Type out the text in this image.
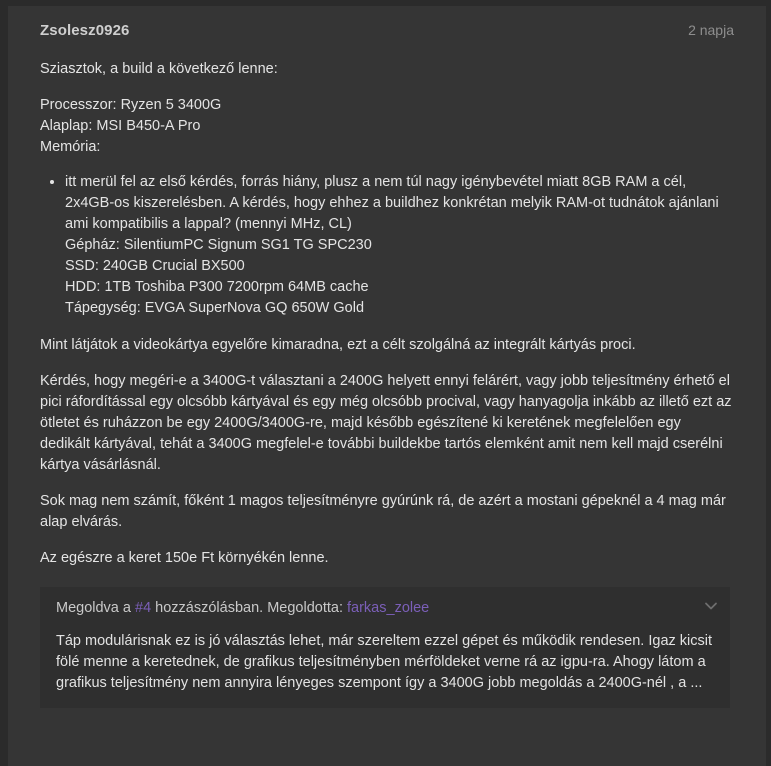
Zsolesz0926	2 napja

Sziasztok, a build a következő lenne:

Processzor: Ryzen 5 3400G
Alaplap: MSI B450-A Pro
Memória:

• itt merül fel az első kérdés, forrás hiány, plusz a nem túl nagy igénybevétel miatt 8GB RAM a cél, 2x4GB-os kiszerelésben. A kérdés, hogy ehhez a buildhez konkrétan melyik RAM-ot tudnátok ajánlani ami kompatibilis a lappal? (mennyi MHz, CL)
Gépház: SilentiumPC Signum SG1 TG SPC230
SSD: 240GB Crucial BX500
HDD: 1TB Toshiba P300 7200rpm 64MB cache
Tápegység: EVGA SuperNova GQ 650W Gold

Mint látjátok a videokártya egyelőre kimaradna, ezt a célt szolgálná az integrált kártyás proci.

Kérdés, hogy megéri-e a 3400G-t választani a 2400G helyett ennyi felárért, vagy jobb teljesítmény érhető el pici ráfordítással egy olcsóbb kártyával és egy még olcsóbb procival, vagy hanyagolja inkább az illető ezt az ötletet és ruházzon be egy 2400G/3400G-re, majd később egészítené ki keretének megfelelően egy dedikált kártyával, tehát a 3400G megfelel-e további buildekbe tartós elemként amit nem kell majd cserélni kártya vásárlásnál.

Sok mag nem számít, főként 1 magos teljesítményre gyúrúnk rá, de azért a mostani gépeknél a 4 mag már alap elvárás.

Az egészre a keret 150e Ft környékén lenne.

Megoldva a #4 hozzászólásban. Megoldotta: farkas_zolee
Táp modulárisnak ez is jó választás lehet, már szereltem ezzel gépet és működik rendesen. Igaz kicsit fölé menne a keretednek, de grafikus teljesítményben mérföldeket verne rá az igpu-ra. Ahogy látom a grafikus teljesítmény nem annyira lényeges szempont így a 3400G jobb megoldás a 2400G-nél , a ...
